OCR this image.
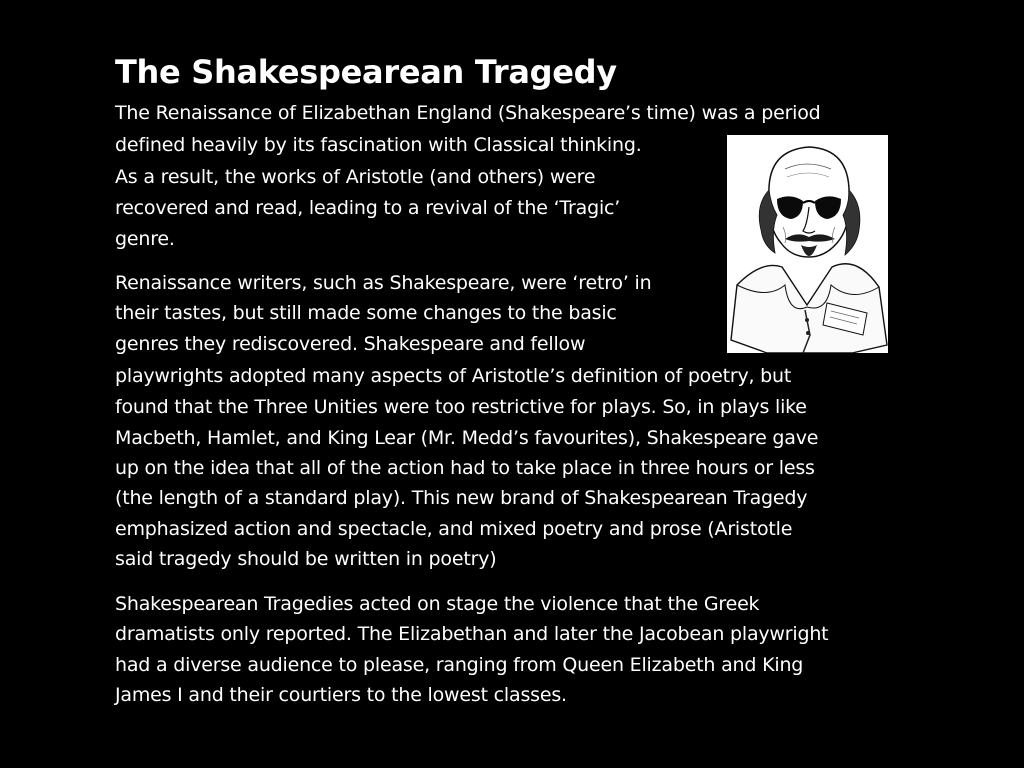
The Shakespearean Tragedy
The Renaissance of Elizabethan England (Shakespeare’s time) was a period
defined heavily by its fascination with Classical thinking.
As a result, the works of Aristotle (and others) were
recovered and read, leading to a revival of the ‘Tragic’
genre.
Renaissance writers, such as Shakespeare, were ‘retro’ in
their tastes, but still made some changes to the basic
genres they rediscovered. Shakespeare and fellow
playwrights adopted many aspects of Aristotle’s definition of poetry, but
found that the Three Unities were too restrictive for plays. So, in plays like
Macbeth, Hamlet, and King Lear (Mr. Medd’s favourites), Shakespeare gave
up on the idea that all of the action had to take place in three hours or less
(the length of a standard play). This new brand of Shakespearean Tragedy
emphasized action and spectacle, and mixed poetry and prose (Aristotle
said tragedy should be written in poetry)
Shakespearean Tragedies acted on stage the violence that the Greek
dramatists only reported. The Elizabethan and later the Jacobean playwright
had a diverse audience to please, ranging from Queen Elizabeth and King
James I and their courtiers to the lowest classes.
